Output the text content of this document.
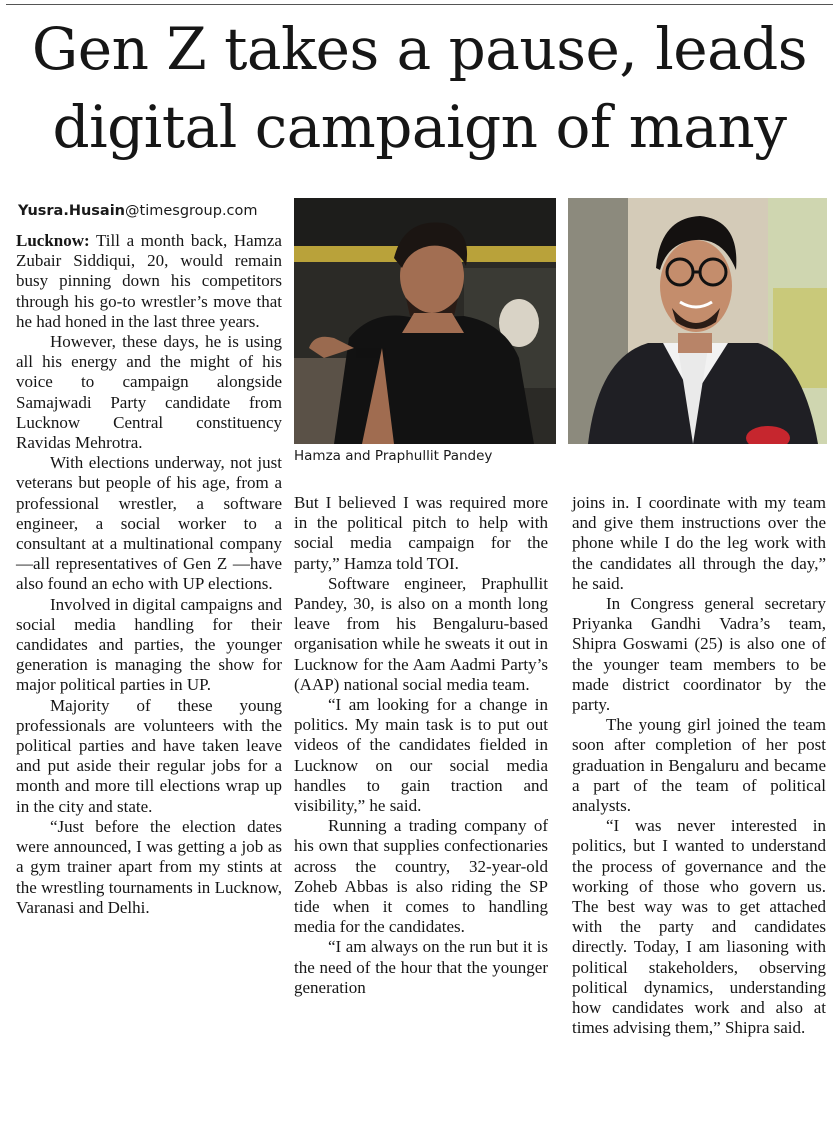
Gen Z takes a pause, leads
digital campaign of many
Yusra.Husain@timesgroup.com
Hamza and Praphullit Pandey

Lucknow: Till a month back, Hamza Zubair Siddiqui, 20, would remain busy pinning down his competitors through his go-to wrestler’s move that he had honed in the last three years.

However, these days, he is using all his energy and the might of his voice to campaign alongside Samajwadi Party candidate from Lucknow Central constituency Ravidas Mehrotra.

With elections underway, not just veterans but people of his age, from a professional wrestler, a software engineer, a social worker to a consultant at a multinational company —all representatives of Gen Z —have also found an echo with UP elections.

Involved in digital campaigns and social media handling for their candidates and parties, the younger generation is managing the show for major political parties in UP.

Majority of these young professionals are volunteers with the political parties and have taken leave and put aside their regular jobs for a month and more till elections wrap up in the city and state.

“Just before the election dates were announced, I was getting a job as a gym trainer apart from my stints at the wrestling tournaments in Lucknow, Varanasi and Delhi.

But I believed I was required more in the political pitch to help with social media campaign for the party,” Hamza told TOI.

Software engineer, Praphullit Pandey, 30, is also on a month long leave from his Bengaluru-based organisation while he sweats it out in Lucknow for the Aam Aadmi Party’s (AAP) national social media team.

“I am looking for a change in politics. My main task is to put out videos of the candidates fielded in Lucknow on our social media handles to gain traction and visibility,” he said.

Running a trading company of his own that supplies confectionaries across the country, 32-year-old Zoheb Abbas is also riding the SP tide when it comes to handling media for the candidates.

“I am always on the run but it is the need of the hour that the younger generation

joins in. I coordinate with my team and give them instructions over the phone while I do the leg work with the candidates all through the day,” he said.

In Congress general secretary Priyanka Gandhi Vadra’s team, Shipra Goswami (25) is also one of the younger team members to be made district coordinator by the party.

The young girl joined the team soon after completion of her post graduation in Bengaluru and became a part of the team of political analysts.

“I was never interested in politics, but I wanted to understand the process of governance and the working of those who govern us. The best way was to get attached with the party and candidates directly. Today, I am liasoning with political stakeholders, observing political dynamics, understanding how candidates work and also at times advising them,” Shipra said.
